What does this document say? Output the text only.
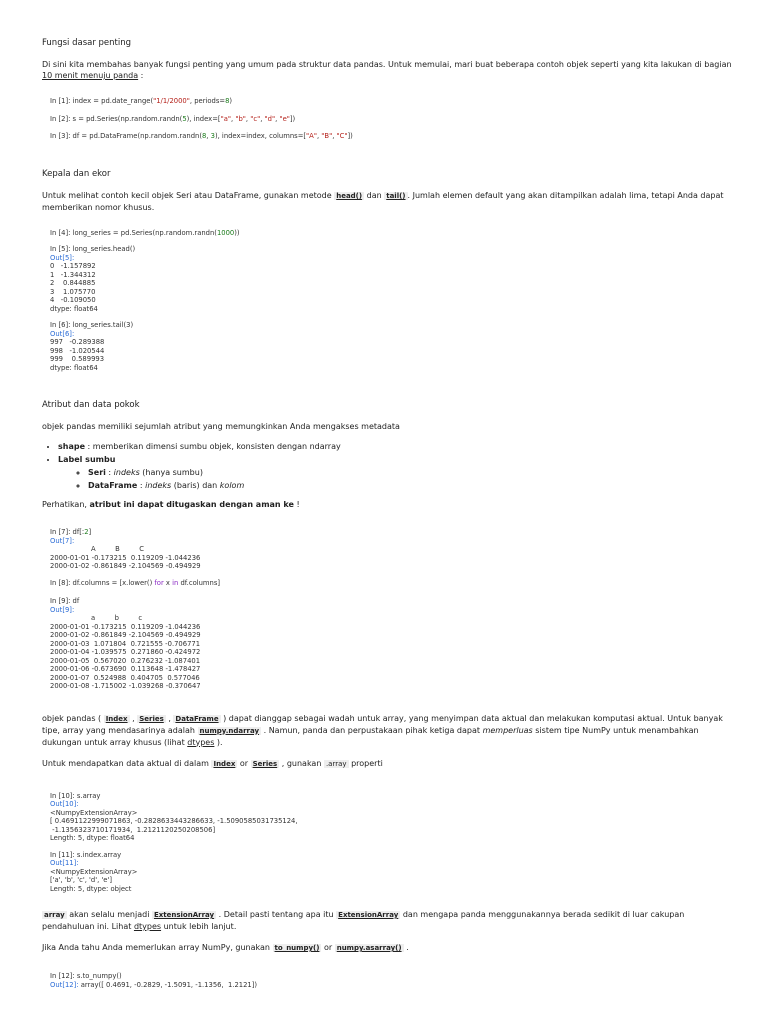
Fungsi dasar penting

Di sini kita membahas banyak fungsi penting yang umum pada struktur data pandas. Untuk memulai, mari buat beberapa contoh objek seperti yang kita lakukan di bagian 10 menit menuju panda :

In [1]: index = pd.date_range("1/1/2000", periods=8)
In [2]: s = pd.Series(np.random.randn(5), index=["a", "b", "c", "d", "e"])
In [3]: df = pd.DataFrame(np.random.randn(8, 3), index=index, columns=["A", "B", "C"])
Kepala dan ekor

Untuk melihat contoh kecil objek Seri atau DataFrame, gunakan metode head() dan tail() . Jumlah elemen default yang akan ditampilkan adalah lima, tetapi Anda dapat memberikan nomor khusus.

In [4]: long_series = pd.Series(np.random.randn(1000))
In [5]: long_series.head()
Out[5]:
0   -1.157892
1   -1.344312
2    0.844885
3    1.075770
4   -0.109050
dtype: float64
In [6]: long_series.tail(3)
Out[6]:
997   -0.289388
998   -1.020544
999    0.589993
dtype: float64
Atribut dan data pokok

objek pandas memiliki sejumlah atribut yang memungkinkan Anda mengakses metadata

• shape : memberikan dimensi sumbu objek, konsisten dengan ndarray
• Label sumbu
◦ Seri : indeks (hanya sumbu)
◦ DataFrame : indeks (baris) dan kolom

Perhatikan, atribut ini dapat ditugaskan dengan aman ke !

In [7]: df[:2]
Out[7]:
A         B         C
2000-01-01 -0.173215  0.119209 -1.044236
2000-01-02 -0.861849 -2.104569 -0.494929
In [8]: df.columns = [x.lower() for x in df.columns]
In [9]: df
Out[9]:
a         b         c
2000-01-01 -0.173215  0.119209 -1.044236
2000-01-02 -0.861849 -2.104569 -0.494929
2000-01-03  1.071804  0.721555 -0.706771
2000-01-04 -1.039575  0.271860 -0.424972
2000-01-05  0.567020  0.276232 -1.087401
2000-01-06 -0.673690  0.113648 -1.478427
2000-01-07  0.524988  0.404705  0.577046
2000-01-08 -1.715002 -1.039268 -0.370647

objek pandas ( Index , Series , DataFrame ) dapat dianggap sebagai wadah untuk array, yang menyimpan data aktual dan melakukan komputasi aktual. Untuk banyak tipe, array yang mendasarinya adalah numpy.ndarray . Namun, panda dan perpustakaan pihak ketiga dapat memperluas sistem tipe NumPy untuk menambahkan dukungan untuk array khusus (lihat dtypes ).

Untuk mendapatkan data aktual di dalam Index or Series , gunakan .array properti

In [10]: s.array
Out[10]:
<NumpyExtensionArray>
[ 0.4691122999071863, -0.2828633443286633, -1.5090585031735124,
-1.1356323710171934,  1.2121120250208506]
Length: 5, dtype: float64
In [11]: s.index.array
Out[11]:
<NumpyExtensionArray>
['a', 'b', 'c', 'd', 'e']
Length: 5, dtype: object

array akan selalu menjadi ExtensionArray . Detail pasti tentang apa itu ExtensionArray dan mengapa panda menggunakannya berada sedikit di luar cakupan pendahuluan ini. Lihat dtypes untuk lebih lanjut.

Jika Anda tahu Anda memerlukan array NumPy, gunakan to_numpy() or numpy.asarray() .

In [12]: s.to_numpy()
Out[12]: array([ 0.4691, -0.2829, -1.5091, -1.1356,  1.2121])
